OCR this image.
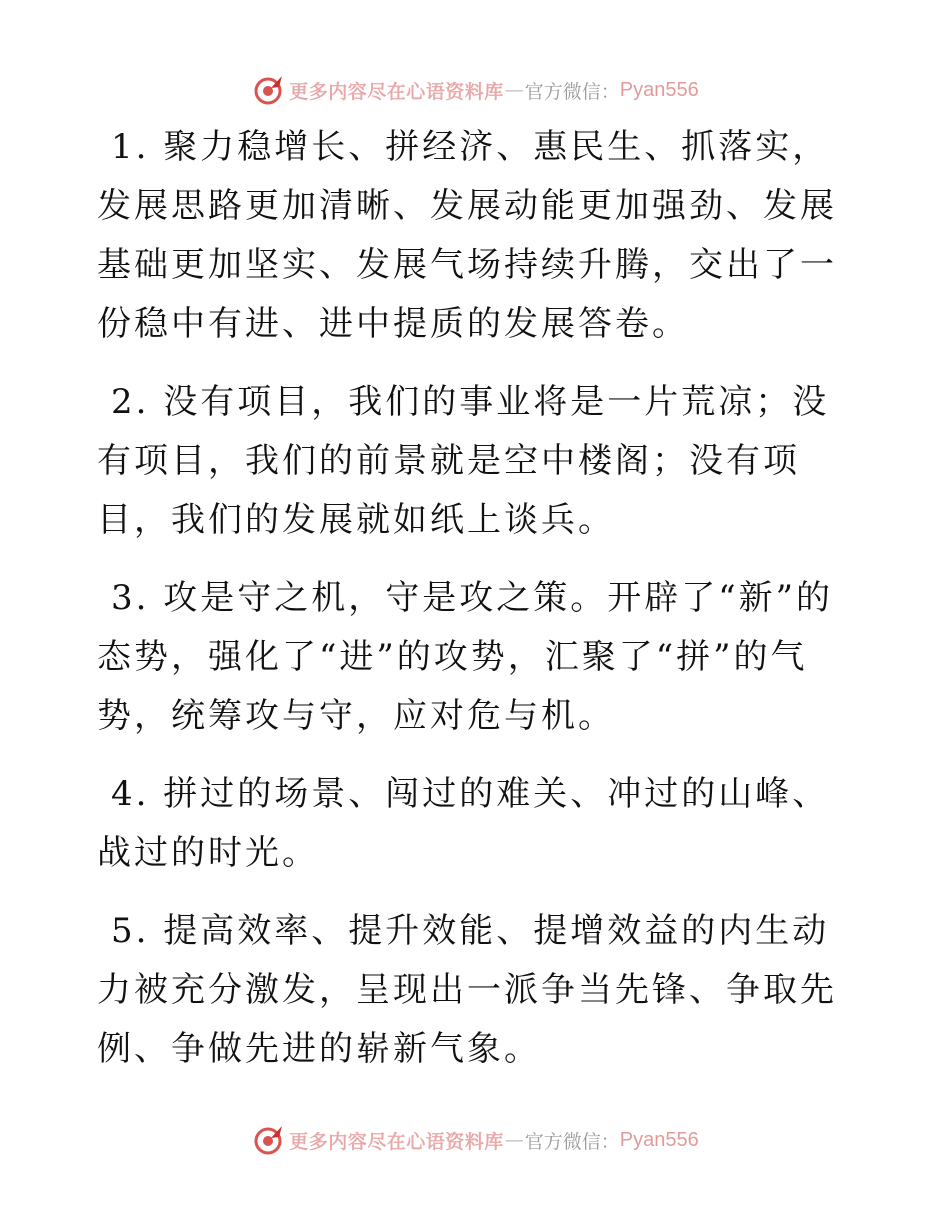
更多内容尽在心语资料库 — 官方微信： Pyan556

1. 聚力稳增长、拼经济、惠民生、抓落实，发展思路更加清晰、发展动能更加强劲、发展基础更加坚实、发展气场持续升腾，交出了一份稳中有进、进中提质的发展答卷。

2. 没有项目，我们的事业将是一片荒凉；没有项目，我们的前景就是空中楼阁；没有项目，我们的发展就如纸上谈兵。

3. 攻是守之机，守是攻之策。开辟了“新”的态势，强化了“进”的攻势，汇聚了“拼”的气势，统筹攻与守，应对危与机。

4. 拼过的场景、闯过的难关、冲过的山峰、战过的时光。

5. 提高效率、提升效能、提增效益的内生动力被充分激发，呈现出一派争当先锋、争取先例、争做先进的崭新气象。

更多内容尽在心语资料库 — 官方微信： Pyan556
